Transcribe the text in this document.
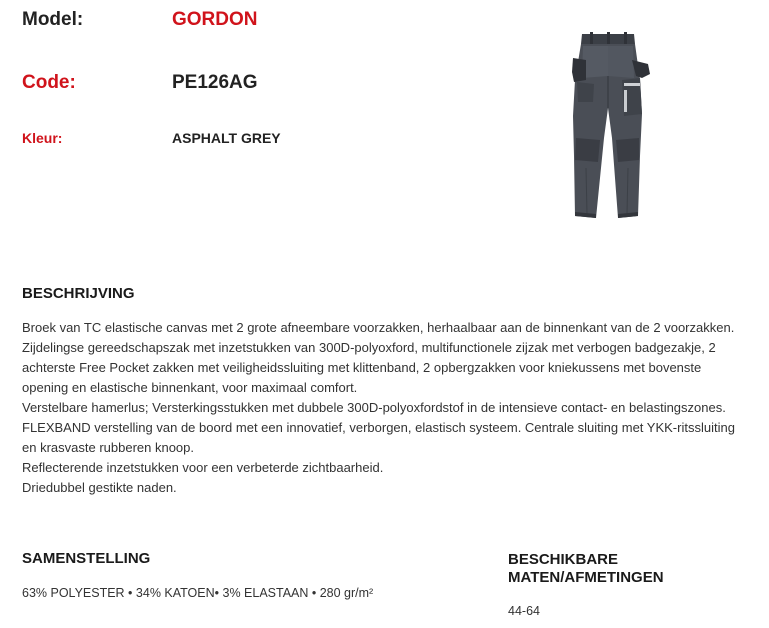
Model:	GORDON
Code:	PE126AG
Kleur:	ASPHALT GREY
BESCHRIJVING

Broek van TC elastische canvas met 2 grote afneembare voorzakken, herhaalbaar aan de binnenkant van de 2 voorzakken. Zijdelingse gereedschapszak met inzetstukken van 300D-polyoxford, multifunctionele zijzak met verbogen badgezakje, 2 achterste Free Pocket zakken met veiligheidssluiting met klittenband, 2 opbergzakken voor kniekussens met bovenste opening en elastische binnenkant, voor maximaal comfort.

Verstelbare hamerlus; Versterkingsstukken met dubbele 300D-polyoxfordstof in de intensieve contact- en belastingszones.

FLEXBAND verstelling van de boord met een innovatief, verborgen, elastisch systeem. Centrale sluiting met YKK-ritssluiting en krasvaste rubberen knoop.

Reflecterende inzetstukken voor een verbeterde zichtbaarheid.

Driedubbel gestikte naden.

SAMENSTELLING
63% POLYESTER • 34% KATOEN• 3% ELASTAAN • 280 gr/m²
BESCHIKBARE MATEN/AFMETINGEN
44-64
